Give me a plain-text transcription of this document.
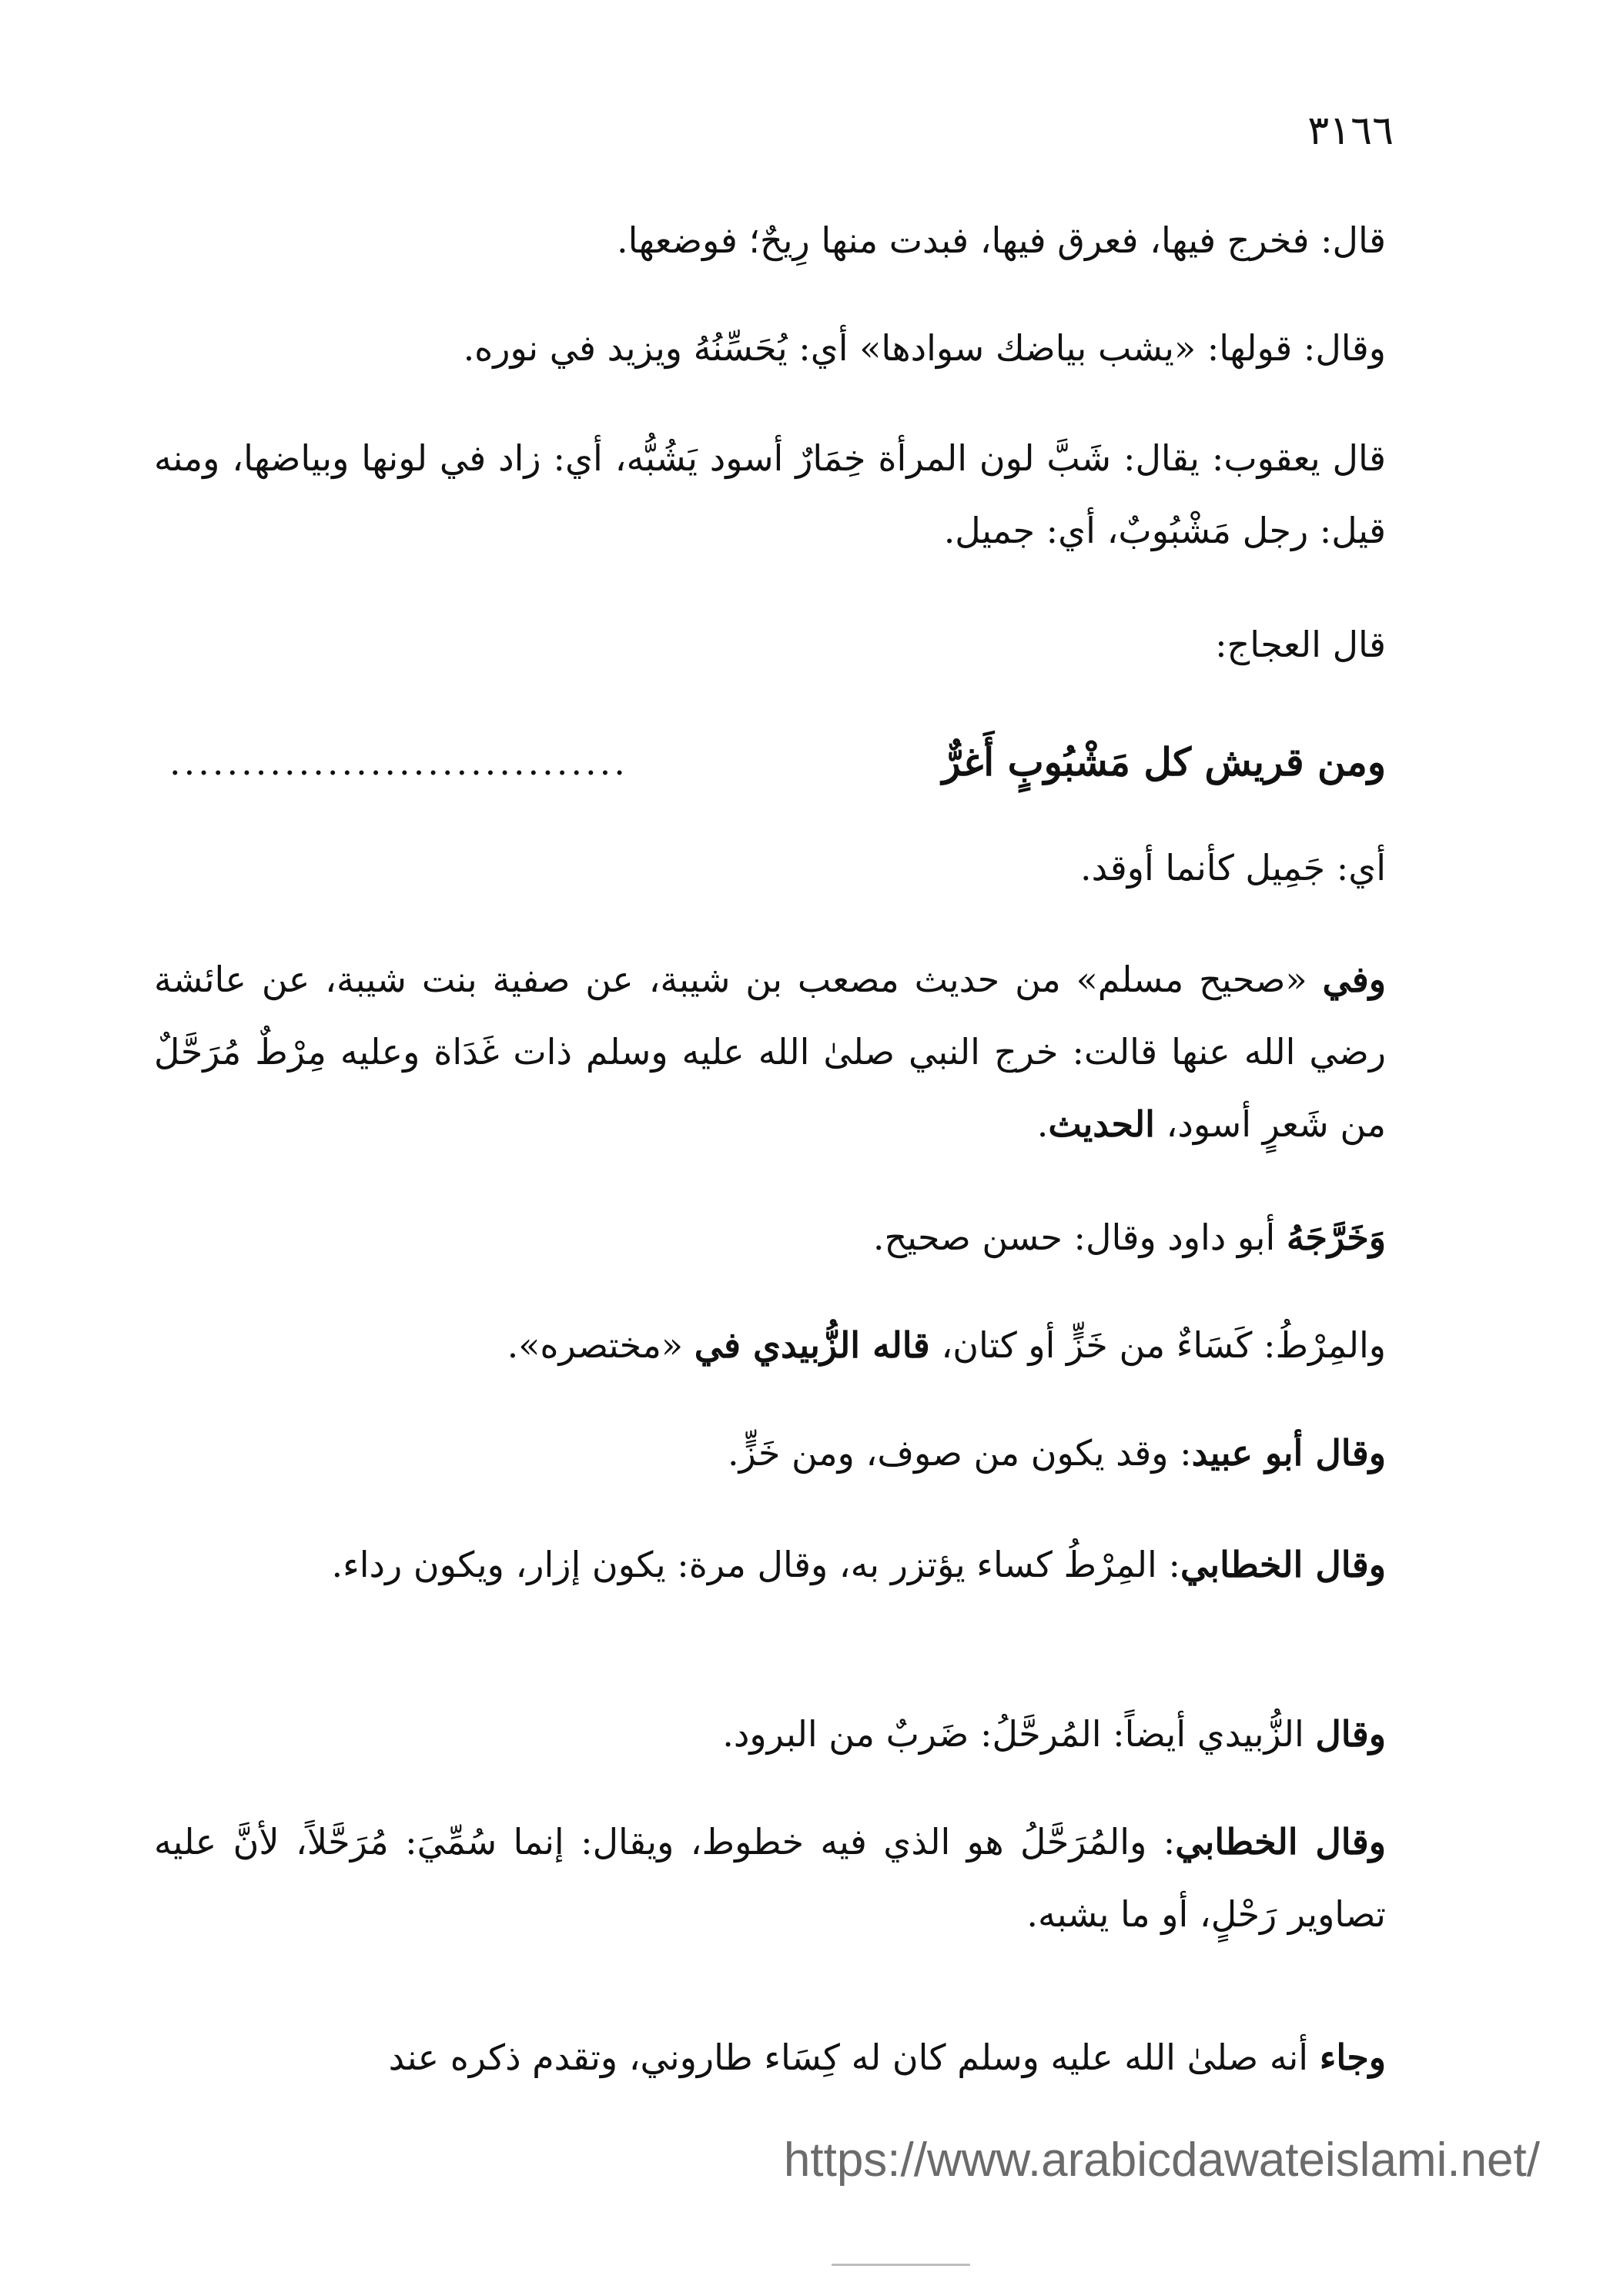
٣١٦٦
قال: فخرج فيها، فعرق فيها، فبدت منها رِيحٌ؛ فوضعها.
وقال: قولها: «يشب بياضك سوادها» أي: يُحَسِّنُهُ ويزيد في نوره.
قال يعقوب: يقال: شَبَّ لون المرأة خِمَارٌ أسود يَشُبُّه، أي: زاد في لونها وبياضها، ومنه قيل: رجل مَشْبُوبٌ، أي: جميل.
قال العجاج:
ومن قريش كل مَشْبُوبٍ أَغرٌّ
................................
أي: جَمِيل كأنما أوقد.
وفي «صحيح مسلم» من حديث مصعب بن شيبة، عن صفية بنت شيبة، عن عائشة رضي الله عنها قالت: خرج النبي صلىٰ الله عليه وسلم ذات غَدَاة وعليه مِرْطٌ مُرَحَّلٌ من شَعرٍ أسود، الحديث.
وَخَرَّجَهُ أبو داود وقال: حسن صحيح.
والمِرْطُ: كَسَاءٌ من خَزٍّ أو كتان، قاله الزُّبيدي في «مختصره».
وقال أبو عبيد: وقد يكون من صوف، ومن خَزٍّ.
وقال الخطابي: المِرْطُ كساء يؤتزر به، وقال مرة: يكون إزار، ويكون رداء.
وقال الزُّبيدي أيضاً: المُرحَّلُ: ضَربٌ من البرود.
وقال الخطابي: والمُرَحَّلُ هو الذي فيه خطوط، ويقال: إنما سُمِّيَ: مُرَحَّلاً، لأنَّ عليه تصاوير رَحْلٍ، أو ما يشبه.
وجاء أنه صلىٰ الله عليه وسلم كان له كِسَاء طاروني، وتقدم ذكره عند
https://www.arabicdawateislami.net/
